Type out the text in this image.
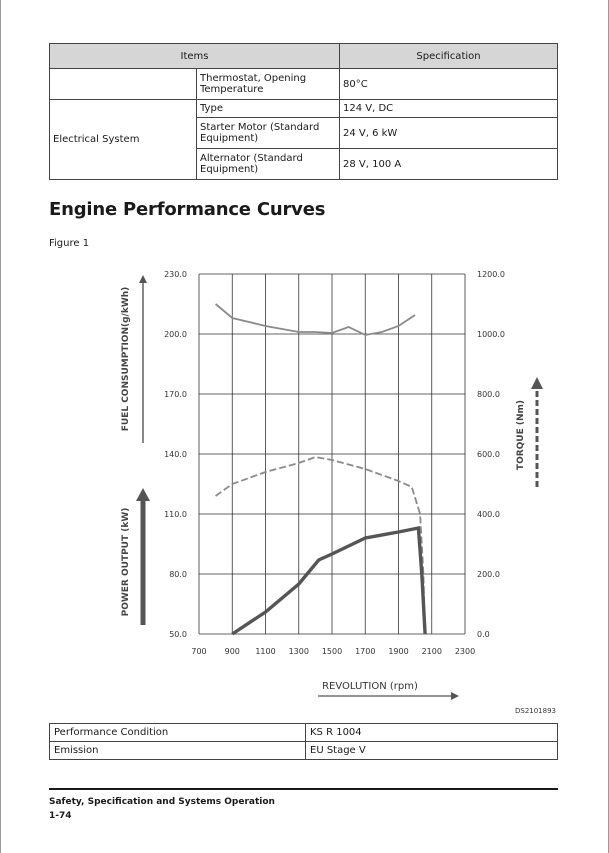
Items		Specification
	Thermostat, Opening Temperature	80°C
Electrical System	Type	124 V, DC
	Starter Motor (Standard Equipment)	24 V, 6 kW
	Alternator (Standard Equipment)	28 V, 100 A
Engine Performance Curves
Figure 1
230.0
200.0
170.0
140.0
110.0
80.0
50.0
1200.0
1000.0
800.0
600.0
400.0
200.0
0.0
700 900 1100 1300 1500 1700 1900 2100 2300
FUEL CONSUMPTION(g/kWh)
POWER OUTPUT (kW)
TORQUE (Nm)
REVOLUTION (rpm)
DS2101893
Performance Condition	KS R 1004
Emission	EU Stage V
Safety, Specification and Systems Operation
1-74
